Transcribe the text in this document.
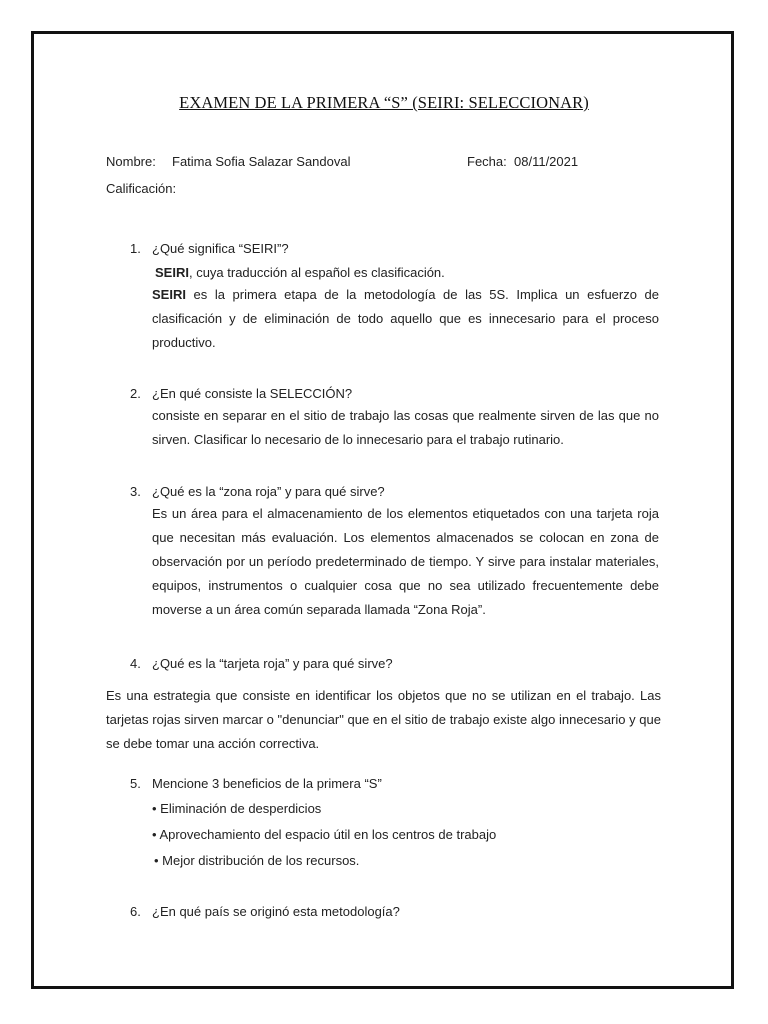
EXAMEN DE LA PRIMERA “S” (SEIRI: SELECCIONAR)
Nombre: Fatima Sofia Salazar Sandoval	Fecha: 08/11/2021
Calificación:
1. ¿Qué significa “SEIRI”?
SEIRI, cuya traducción al español es clasificación.
SEIRI es la primera etapa de la metodología de las 5S. Implica un esfuerzo de clasificación y de eliminación de todo aquello que es innecesario para el proceso productivo.
2. ¿En qué consiste la SELECCIÓN?
consiste en separar en el sitio de trabajo las cosas que realmente sirven de las que no sirven. Clasificar lo necesario de lo innecesario para el trabajo rutinario.
3. ¿Qué es la “zona roja” y para qué sirve?
Es un área para el almacenamiento de los elementos etiquetados con una tarjeta roja que necesitan más evaluación. Los elementos almacenados se colocan en zona de observación por un período predeterminado de tiempo. Y sirve para instalar materiales, equipos, instrumentos o cualquier cosa que no sea utilizado frecuentemente debe moverse a un área común separada llamada “Zona Roja”.
4. ¿Qué es la “tarjeta roja” y para qué sirve?
Es una estrategia que consiste en identificar los objetos que no se utilizan en el trabajo. Las tarjetas rojas sirven marcar o "denunciar" que en el sitio de trabajo existe algo innecesario y que se debe tomar una acción correctiva.
5. Mencione 3 beneficios de la primera “S”
• Eliminación de desperdicios
• Aprovechamiento del espacio útil en los centros de trabajo
• Mejor distribución de los recursos.
6. ¿En qué país se originó esta metodología?
